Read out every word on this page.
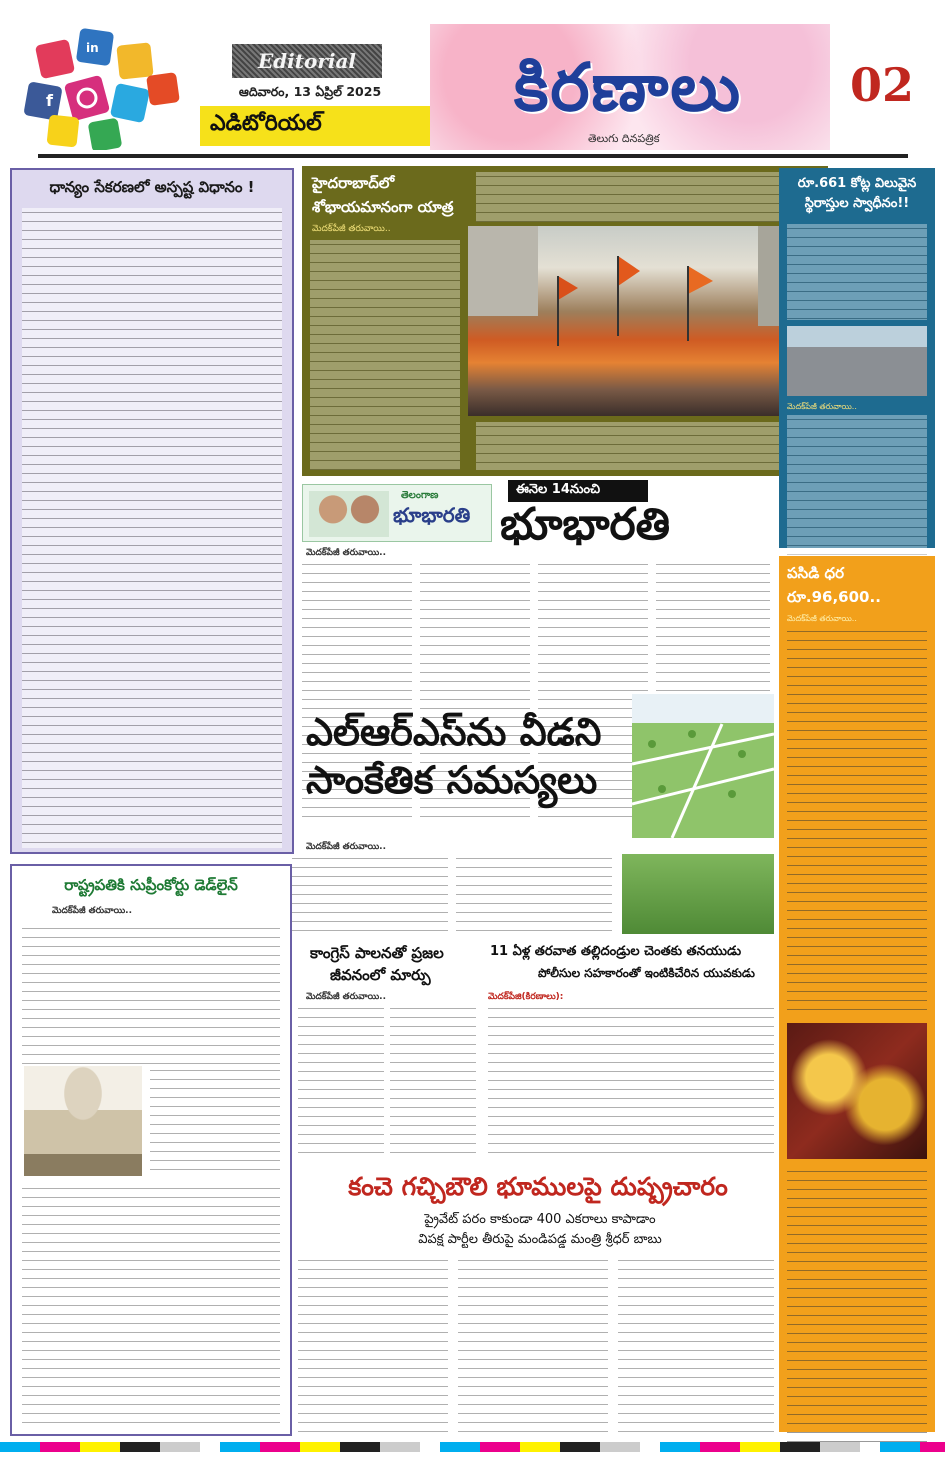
f
in
Editorial
ఆదివారం, 13 ఏప్రిల్ 2025
ఎడిటోరియల్	కిరణాలు
తెలుగు దినపత్రిక
02
ధాన్యం సేకరణలో అస్పష్ట విధానం !	హైదరాబాద్‌లో
శోభాయమానంగా యాత్ర
మెదక్‌పేజీ తరువాయి..
రూ.661 కోట్ల విలువైన
స్థిరాస్తుల స్వాధీనం!!
మెదక్‌పేజీ తరువాయి..
తెలంగాణ
భూభారతి
ఈనెల 14నుంచి
భూభారతి
మెదక్‌పేజీ తరువాయి..
పసిడి ధర
రూ.96,600..
మెదక్‌పేజీ తరువాయి..
ఎల్ఆర్ఎస్‌ను వీడని
సాంకేతిక సమస్యలు
మెదక్‌పేజీ తరువాయి..
రాష్ట్రపతికి సుప్రీంకోర్టు డెడ్‌లైన్
మెదక్‌పేజీ తరువాయి..
కాంగ్రెస్ పాలనతో ప్రజల
జీవనంలో మార్పు
మెదక్‌పేజీ తరువాయి..
11 ఏళ్ల తరవాత తల్లిదండ్రుల చెంతకు తనయుడు
పోలీసుల సహకారంతో ఇంటికిచేరిన యువకుడు
మెదక్‌పేజి(కిరణాలు):
కంచె గచ్చిబౌలి భూములపై దుష్ప్రచారం
ప్రైవేట్ పరం కాకుండా 400 ఎకరాలు కాపాడాం
విపక్ష పార్టీల తీరుపై మండిపడ్డ మంత్రి శ్రీధర్ బాబు
